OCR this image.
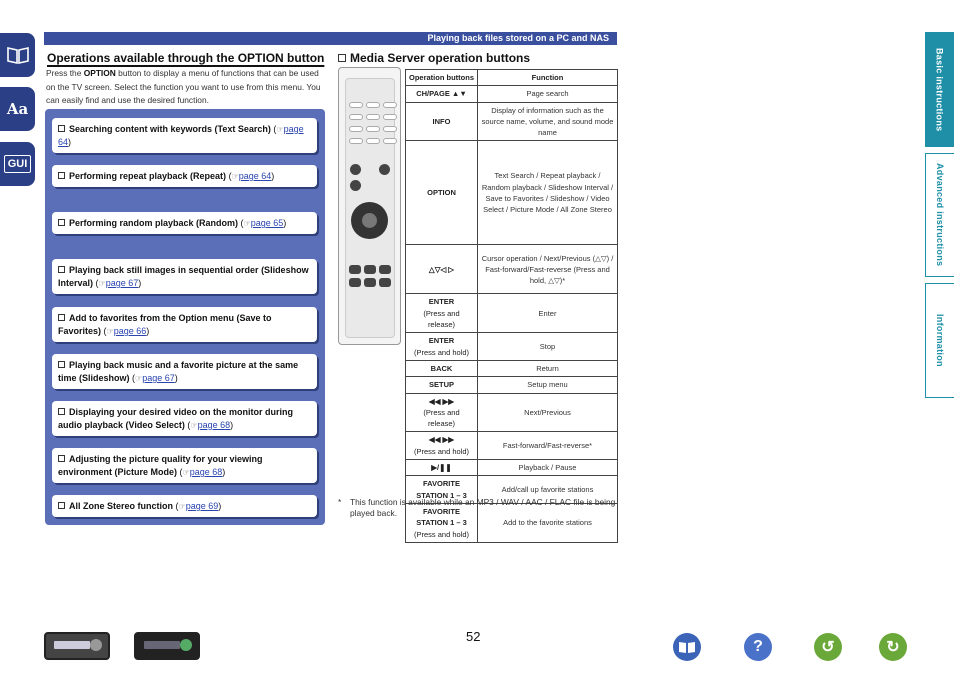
Playing back files stored on a PC and NAS
Aa
GUI
Operations available through the OPTION button
Press the OPTION button to display a menu of functions that can be used on the TV screen. Select the function you want to use from this menu. You can easily find and use the desired function.
Searching content with keywords (Text Search) (☞page 64)
Performing repeat playback (Repeat) (☞page 64)
Performing random playback (Random) (☞page 65)
Playing back still images in sequential order (Slideshow Interval) (☞page 67)
Add to favorites from the Option menu (Save to Favorites) (☞page 66)
Playing back music and a favorite picture at the same time (Slideshow) (☞page 67)
Displaying your desired video on the monitor during audio playback (Video Select) (☞page 68)
Adjusting the picture quality for your viewing environment (Picture Mode) (☞page 68)
All Zone Stereo function (☞page 69)
Media Server operation buttons
Operation buttons	Function
CH/PAGE ▲▼	Page search
INFO	Display of information such as the source name, volume, and sound mode name
OPTION	Text Search / Repeat playback / Random playback / Slideshow Interval / Save to Favorites / Slideshow / Video Select / Picture Mode / All Zone Stereo
△▽◁ ▷	Cursor operation / Next/Previous (△▽) / Fast-forward/Fast-reverse (Press and hold, △▽)*
ENTER
(Press and release)	Enter
ENTER
(Press and hold)	Stop
BACK	Return
SETUP	Setup menu
◀◀ ▶▶
(Press and release)	Next/Previous
◀◀ ▶▶
(Press and hold)	Fast-forward/Fast-reverse*
▶/❚❚	Playback / Pause
FAVORITE STATION 1 – 3	Add/call up favorite stations
FAVORITE STATION 1 – 3
(Press and hold)	Add to the favorite stations
*	This function is available while an MP3 / WAV / AAC / FLAC file is being played back.
Basic instructions
Advanced instructions
Information
52
?	↺	↻
